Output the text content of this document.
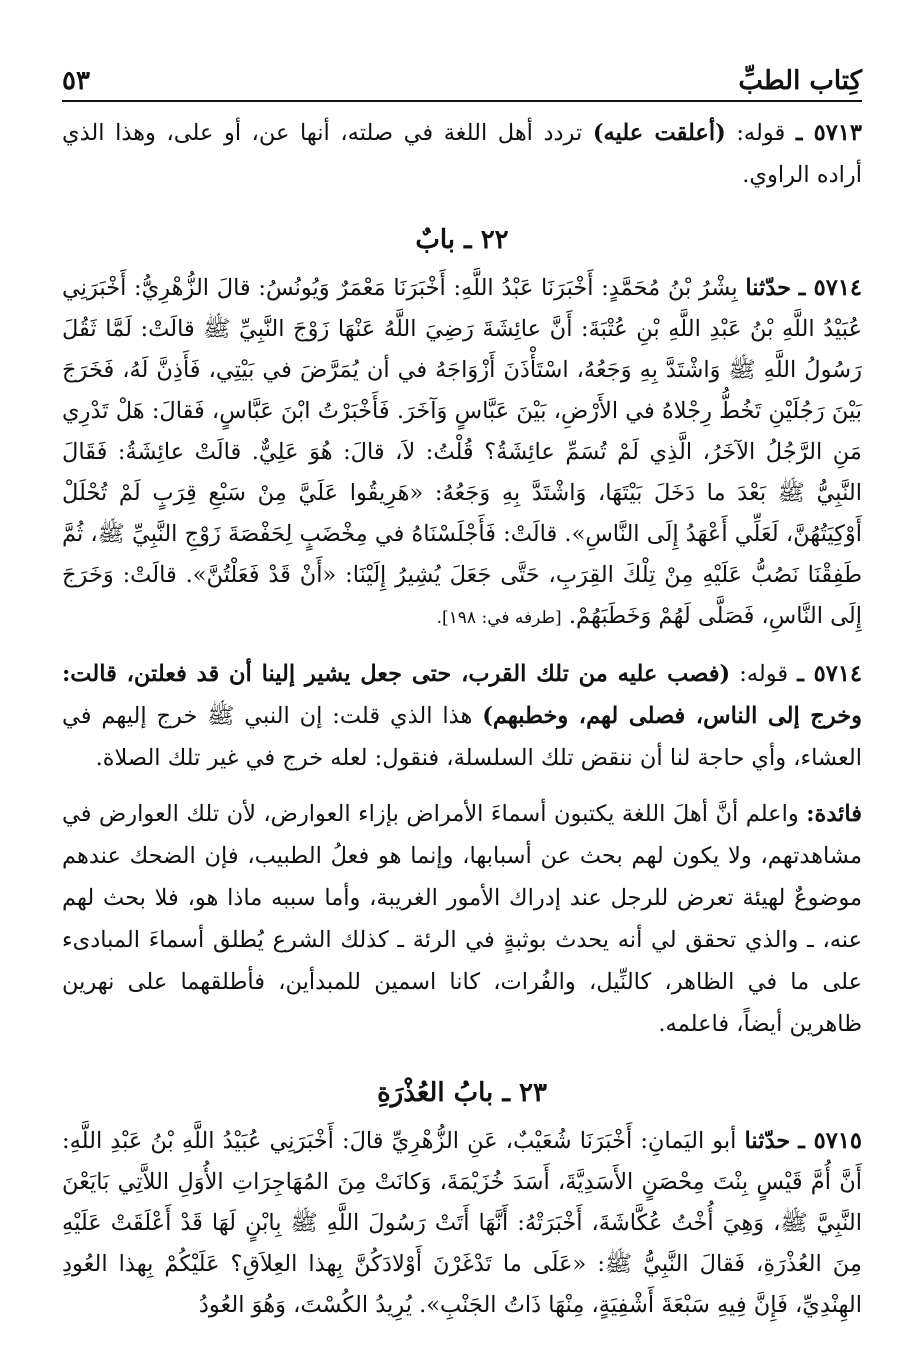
كِتاب الطبِّ
٥٣

٥٧١٣ ـ قوله: (أعلقت عليه) تردد أهل اللغة في صلته، أنها عن، أو على، وهذا الذي أراده الراوي.

٢٢ ـ بابٌ

٥٧١٤ ـ حدّثنا بِشْرُ بْنُ مُحَمَّدٍ: أَخْبَرَنَا عَبْدُ اللَّهِ: أَخْبَرَنَا مَعْمَرٌ وَيُونُسُ: قالَ الزُّهْرِيُّ: أَخْبَرَنِي عُبَيْدُ اللَّهِ بْنُ عَبْدِ اللَّهِ بْنِ عُتْبَةَ: أَنَّ عائِشَةَ رَضِيَ اللَّهُ عَنْهَا زَوْجَ النَّبِيِّ ﷺ قالَتْ: لَمَّا ثَقُلَ رَسُولُ اللَّهِ ﷺ وَاشْتَدَّ بِهِ وَجَعُهُ، اسْتَأْذَنَ أَزْوَاجَهُ في أن يُمَرَّضَ في بَيْتِي، فَأَذِنَّ لَهُ، فَخَرَجَ بَيْنَ رَجُلَيْنِ تَخُطُّ رِجْلاهُ في الأَرْضِ، بَيْنَ عَبَّاسٍ وَآخَرَ. فَأَخْبَرْتُ ابْنَ عَبَّاسٍ، فَقالَ: هَلْ تَدْرِي مَنِ الرَّجُلُ الآخَرُ، الَّذِي لَمْ تُسَمِّ عائِشَةُ؟ قُلْتُ: لاَ، قالَ: هُوَ عَلِيٌّ. قالَتْ عائِشَةُ: فَقَالَ النَّبِيُّ ﷺ بَعْدَ ما دَخَلَ بَيْتَهَا، وَاشْتَدَّ بِهِ وَجَعُهُ: «هَرِيقُوا عَلَيَّ مِنْ سَبْعِ قِرَبٍ لَمْ تُحْلَلْ أَوْكِيَتُهُنَّ، لَعَلِّي أَعْهَدُ إِلَى النَّاسِ». قالَتْ: فَأَجْلَسْنَاهُ في مِخْضَبٍ لِحَفْصَةَ زَوْجِ النَّبِيِّ ﷺ، ثُمَّ طَفِقْنَا نَصُبُّ عَلَيْهِ مِنْ تِلْكَ القِرَبِ، حَتَّى جَعَلَ يُشِيرُ إِلَيْنَا: «أَنْ قَدْ فَعَلْتُنَّ». قالَتْ: وَخَرَجَ إِلَى النَّاسِ، فَصَلَّى لَهُمْ وَخَطَبَهُمْ. [طرفه في: ١٩٨].

٥٧١٤ ـ قوله: (فصب عليه من تلك القرب، حتى جعل يشير إلينا أن قد فعلتن، قالت: وخرج إلى الناس، فصلى لهم، وخطبهم) هذا الذي قلت: إن النبي ﷺ خرج إليهم في العشاء، وأي حاجة لنا أن ننقض تلك السلسلة، فنقول: لعله خرج في غير تلك الصلاة.

فائدة: واعلم أنَّ أهلَ اللغة يكتبون أسماءَ الأمراض بإزاء العوارض، لأن تلك العوارض في مشاهدتهم، ولا يكون لهم بحث عن أسبابها، وإنما هو فعلُ الطبيب، فإن الضحك عندهم موضوعٌ لهيئة تعرض للرجل عند إدراك الأمور الغريبة، وأما سببه ماذا هو، فلا بحث لهم عنه، ـ والذي تحقق لي أنه يحدث بوثبةٍ في الرئة ـ كذلك الشرع يُطلق أسماءَ المبادىء على ما في الظاهر، كالنِّيل، والفُرات، كانا اسمين للمبدأين، فأطلقهما على نهرين ظاهرين أيضاً، فاعلمه.

٢٣ ـ بابُ العُذْرَةِ

٥٧١٥ ـ حدّثنا أبو اليَمانِ: أَخْبَرَنَا شُعَيْبٌ، عَنِ الزُّهْرِيِّ قالَ: أَخْبَرَنِي عُبَيْدُ اللَّهِ بْنُ عَبْدِ اللَّهِ: أَنَّ أُمَّ قَيْسٍ بِنْتَ مِحْصَنٍ الأَسَدِيَّةَ، أَسَدَ خُزَيْمَةَ، وَكانَتْ مِنَ المُهَاجِرَاتِ الأُوَلِ اللاَّتِي بَايَعْنَ النَّبِيَّ ﷺ، وَهِيَ أُخْتُ عُكَّاشَةَ، أَخْبَرَتْهُ: أَنَّهَا أَتَتْ رَسُولَ اللَّهِ ﷺ بِابْنٍ لَهَا قَدْ أَعْلَقَتْ عَلَيْهِ مِنَ العُذْرَةِ، فَقالَ النَّبِيُّ ﷺ: «عَلَى ما تَدْغَرْنَ أَوْلادَكُنَّ بِهذا العِلاَقِ؟ عَلَيْكُمْ بِهذا العُودِ الهِنْدِيِّ، فَإِنَّ فِيهِ سَبْعَةَ أَشْفِيَةٍ، مِنْهَا ذَاتُ الجَنْبِ». يُرِيدُ الكُسْتَ، وَهُوَ العُودُ
